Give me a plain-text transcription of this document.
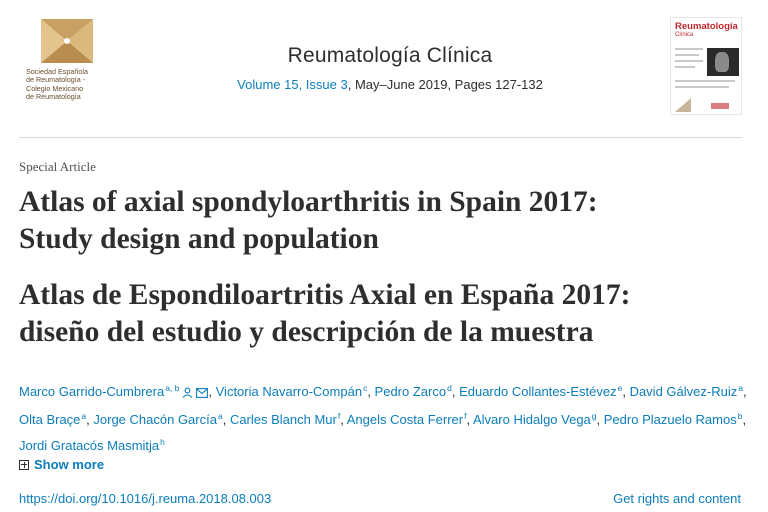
Sociedad Española
de Reumatología -
Colegio Mexicano
de Reumatología
Reumatología Clínica
Volume 15, Issue 3, May–June 2019, Pages 127-132
Reumatología
Clínica
Special Article
Atlas of axial spondyloarthritis in Spain 2017:
Study design and population
Atlas de Espondiloartritis Axial en España 2017:
diseño del estudio y descripción de la muestra
Marco Garrido-Cumbrera$^{a, b}$ , Victoria Navarro-Compán$^c$, Pedro Zarco$^d$, Eduardo Collantes-Estévez$^e$, David Gálvez-Ruiz$^a$, Olta Braçe$^a$, Jorge Chacón García$^a$, Carles Blanch Mur$^f$, Angels Costa Ferrer$^f$, Alvaro Hidalgo Vega$^g$, Pedro Plazuelo Ramos$^b$, Jordi Gratacós Masmitja$^h$
Show more
https://doi.org/10.1016/j.reuma.2018.08.003	Get rights and content
